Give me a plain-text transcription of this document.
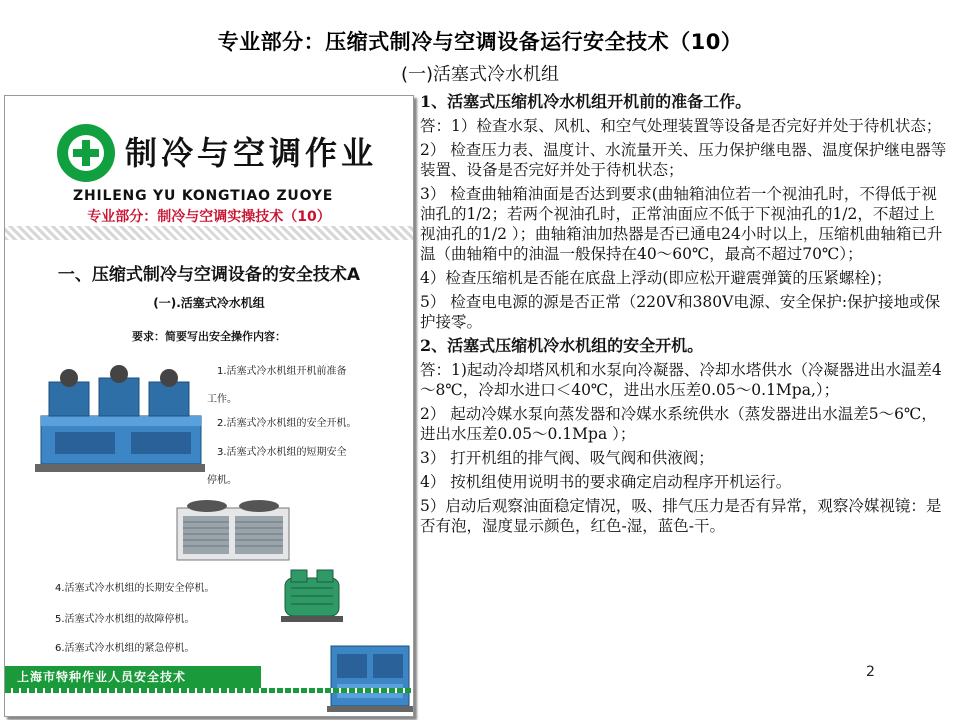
专业部分：压缩式制冷与空调设备运行安全技术（10）
(一)活塞式冷水机组
制冷与空调作业
ZHILENG YU KONGTIAO ZUOYE
专业部分：制冷与空调实操技术（10）
一、压缩式制冷与空调设备的安全技术A
(一).活塞式冷水机组
要求：简要写出安全操作内容：
1.活塞式冷水机组开机前准备
工作。
2.活塞式冷水机组的安全开机。
3.活塞式冷水机组的短期安全
停机。
4.活塞式冷水机组的长期安全停机。
5.活塞式冷水机组的故障停机。
6.活塞式冷水机组的紧急停机。
上海市特种作业人员安全技术
1、活塞式压缩机冷水机组开机前的准备工作。
答：1）检查水泵、风机、和空气处理装置等设备是否完好并处于待机状态；
2） 检查压力表、温度计、水流量开关、压力保护继电器、温度保护继电器等装置、设备是否完好并处于待机状态；
3） 检查曲轴箱油面是否达到要求(曲轴箱油位若一个视油孔时，不得低于视油孔的1/2；若两个视油孔时，正常油面应不低于下视油孔的1/2，不超过上视油孔的1/2 ）；曲轴箱油加热器是否已通电24小时以上，压缩机曲轴箱已升温（曲轴箱中的油温一般保持在40～60℃，最高不超过70℃）；
4）检查压缩机是否能在底盘上浮动(即应松开避震弹簧的压紧螺栓)；
5） 检查电电源的源是否正常（220V和380V电源、安全保护:保护接地或保护接零。
2、活塞式压缩机冷水机组的安全开机。
答：1)起动冷却塔风机和水泵向冷凝器、冷却水塔供水（冷凝器进出水温差4～8℃，冷却水进口＜40℃，进出水压差0.05～0.1Mpa,）；
2） 起动冷媒水泵向蒸发器和冷媒水系统供水（蒸发器进出水温差5～6℃，进出水压差0.05～0.1Mpa ）；
3） 打开机组的排气阀、吸气阀和供液阀；
4） 按机组使用说明书的要求确定启动程序开机运行。
5）启动后观察油面稳定情况，吸、排气压力是否有异常，观察冷媒视镜：是否有泡，湿度显示颜色，红色-湿，蓝色-干。
2
